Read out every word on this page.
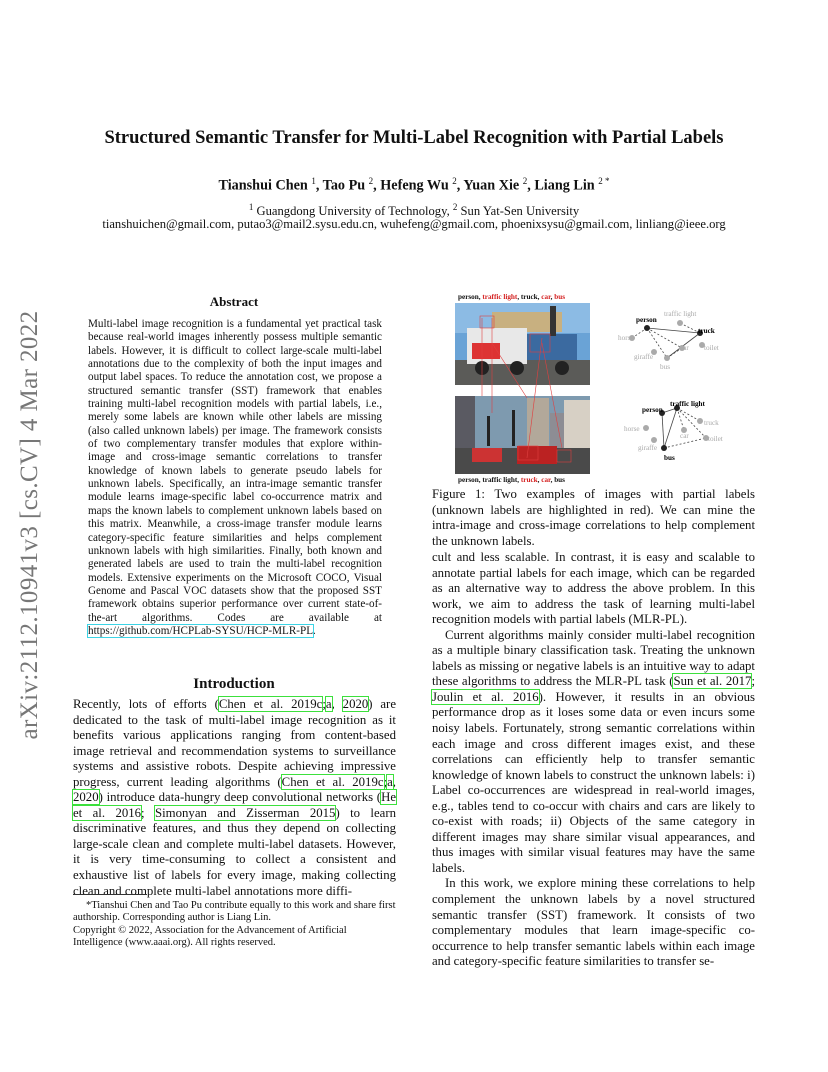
Structured Semantic Transfer for Multi-Label Recognition with Partial Labels
Tianshui Chen $^1$, Tao Pu $^2$, Hefeng Wu $^2$, Yuan Xie $^2$, Liang Lin $^{2 *}$
$^1$ Guangdong University of Technology, $^2$ Sun Yat-Sen University
tianshuichen@gmail.com, putao3@mail2.sysu.edu.cn, wuhefeng@gmail.com, phoenixsysu@gmail.com, linliang@ieee.org
arXiv:2112.10941v3 [cs.CV] 4 Mar 2022
Abstract
Multi-label image recognition is a fundamental yet practical task because real-world images inherently possess multiple semantic labels. However, it is difficult to collect large-scale multi-label annotations due to the complexity of both the input images and output label spaces. To reduce the annotation cost, we propose a structured semantic transfer (SST) framework that enables training multi-label recognition models with partial labels, i.e., merely some labels are known while other labels are missing (also called unknown labels) per image. The framework consists of two complementary transfer modules that explore within-image and cross-image semantic correlations to transfer knowledge of known labels to generate pseudo labels for unknown labels. Specifically, an intra-image semantic transfer module learns image-specific label co-occurrence matrix and maps the known labels to complement unknown labels based on this matrix. Meanwhile, a cross-image transfer module learns category-specific feature similarities and helps complement unknown labels with high similarities. Finally, both known and generated labels are used to train the multi-label recognition models. Extensive experiments on the Microsoft COCO, Visual Genome and Pascal VOC datasets show that the proposed SST framework obtains superior performance over current state-of-the-art algorithms. Codes are available at https://github.com/HCPLab-SYSU/HCP-MLR-PL.
Introduction

Recently, lots of efforts (Chen et al. 2019c;a, 2020) are dedicated to the task of multi-label image recognition as it benefits various applications ranging from content-based image retrieval and recommendation systems to surveillance systems and assistive robots. Despite achieving impressive progress, current leading algorithms (Chen et al. 2019c;a, 2020) introduce data-hungry deep convolutional networks (He et al. 2016; Simonyan and Zisserman 2015) to learn discriminative features, and thus they depend on collecting large-scale clean and complete multi-label datasets. However, it is very time-consuming to collect a consistent and exhaustive list of labels for every image, making collecting clean and complete multi-label annotations more diffi-

*Tianshui Chen and Tao Pu contribute equally to this work and share first authorship. Corresponding author is Liang Lin.

Copyright © 2022, Association for the Advancement of Artificial Intelligence (www.aaai.org). All rights reserved.

person, traffic light, truck, car, bus
person, traffic light, truck, car, bus
person
traffic light
truck
horse
car toilet
giraffe
bus
person
traffic light
truck
horse
car	toilet
giraffe
bus
Figure 1: Two examples of images with partial labels (unknown labels are highlighted in red). We can mine the intra-image and cross-image correlations to help complement the unknown labels.

cult and less scalable. In contrast, it is easy and scalable to annotate partial labels for each image, which can be regarded as an alternative way to address the above problem. In this work, we aim to address the task of learning multi-label recognition models with partial labels (MLR-PL).

Current algorithms mainly consider multi-label recognition as a multiple binary classification task. Treating the unknown labels as missing or negative labels is an intuitive way to adapt these algorithms to address the MLR-PL task (Sun et al. 2017; Joulin et al. 2016). However, it results in an obvious performance drop as it loses some data or even incurs some noisy labels. Fortunately, strong semantic correlations within each image and cross different images exist, and these correlations can efficiently help to transfer semantic knowledge of known labels to construct the unknown labels: i) Label co-occurrences are widespread in real-world images, e.g., tables tend to co-occur with chairs and cars are likely to co-exist with roads; ii) Objects of the same category in different images may share similar visual appearances, and thus images with similar visual features may have the same labels.

In this work, we explore mining these correlations to help complement the unknown labels by a novel structured semantic transfer (SST) framework. It consists of two complementary modules that learn image-specific co-occurrence to help transfer semantic labels within each image and category-specific feature similarities to transfer se-
